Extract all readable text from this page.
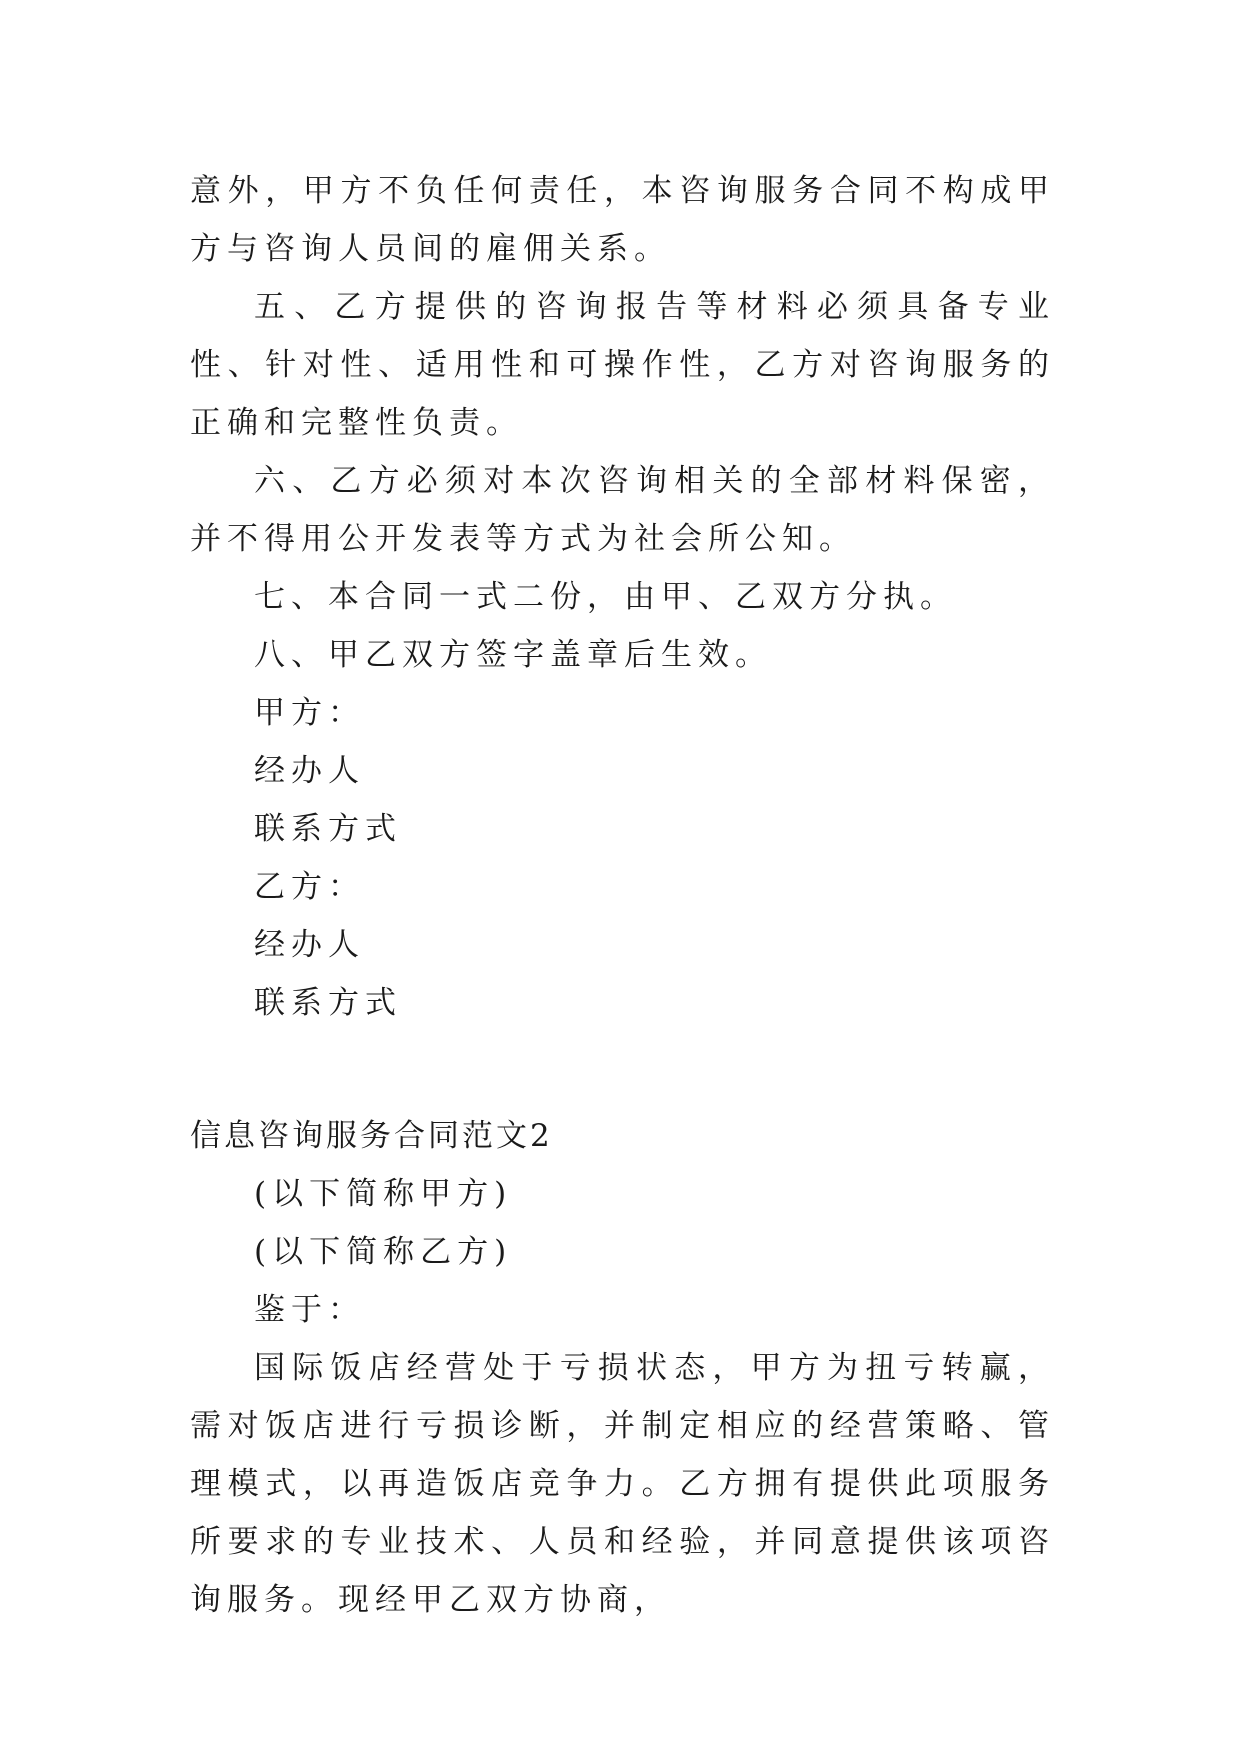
意外，甲方不负任何责任，本咨询服务合同不构成甲方与咨询人员间的雇佣关系。

五、乙方提供的咨询报告等材料必须具备专业性、针对性、适用性和可操作性，乙方对咨询服务的正确和完整性负责。

六、乙方必须对本次咨询相关的全部材料保密，并不得用公开发表等方式为社会所公知。

七、本合同一式二份，由甲、乙双方分执。

八、甲乙双方签字盖章后生效。

甲方：

经办人

联系方式

乙方：

经办人

联系方式

信息咨询服务合同范文2

(以下简称甲方)

(以下简称乙方)

鉴于：

国际饭店经营处于亏损状态，甲方为扭亏转赢，需对饭店进行亏损诊断，并制定相应的经营策略、管理模式，以再造饭店竞争力。乙方拥有提供此项服务所要求的专业技术、人员和经验，并同意提供该项咨询服务。现经甲乙双方协商，
